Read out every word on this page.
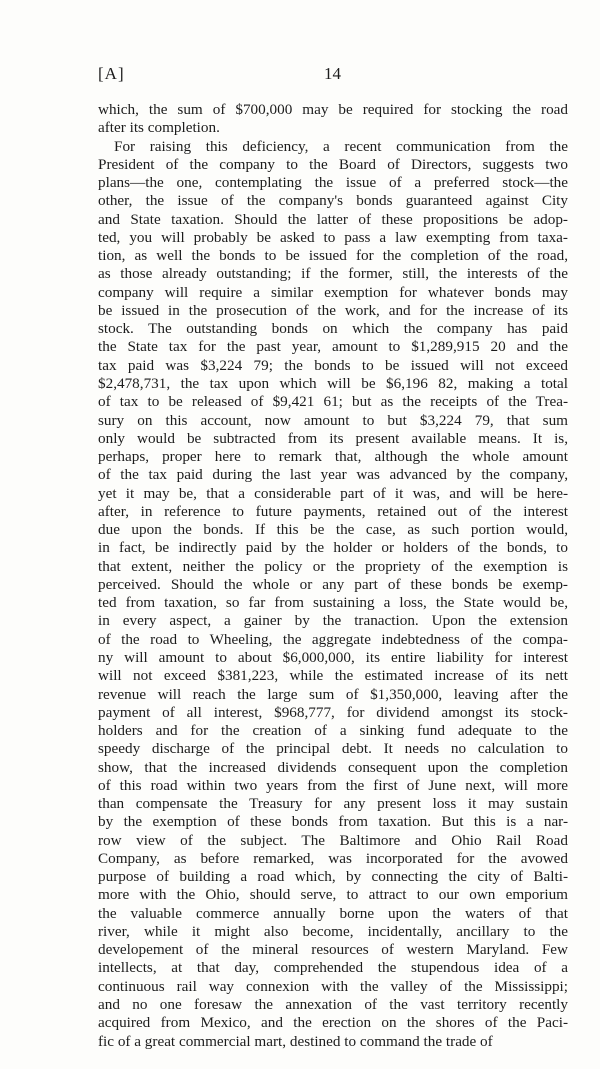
[A]	14
which, the sum of $700,000 may be required for stocking the road
after its completion.
For raising this deficiency, a recent communication from the
President of the company to the Board of Directors, suggests two
plans—the one, contemplating the issue of a preferred stock—the
other, the issue of the company's bonds guaranteed against City
and State taxation. Should the latter of these propositions be adop-
ted, you will probably be asked to pass a law exempting from taxa-
tion, as well the bonds to be issued for the completion of the road,
as those already outstanding; if the former, still, the interests of the
company will require a similar exemption for whatever bonds may
be issued in the prosecution of the work, and for the increase of its
stock. The outstanding bonds on which the company has paid
the State tax for the past year, amount to $1,289,915 20 and the
tax paid was $3,224 79; the bonds to be issued will not exceed
$2,478,731, the tax upon which will be $6,196 82, making a total
of tax to be released of $9,421 61; but as the receipts of the Trea-
sury on this account, now amount to but $3,224 79, that sum
only would be subtracted from its present available means. It is,
perhaps, proper here to remark that, although the whole amount
of the tax paid during the last year was advanced by the company,
yet it may be, that a considerable part of it was, and will be here-
after, in reference to future payments, retained out of the interest
due upon the bonds. If this be the case, as such portion would,
in fact, be indirectly paid by the holder or holders of the bonds, to
that extent, neither the policy or the propriety of the exemption is
perceived. Should the whole or any part of these bonds be exemp-
ted from taxation, so far from sustaining a loss, the State would be,
in every aspect, a gainer by the tranaction. Upon the extension
of the road to Wheeling, the aggregate indebtedness of the compa-
ny will amount to about $6,000,000, its entire liability for interest
will not exceed $381,223, while the estimated increase of its nett
revenue will reach the large sum of $1,350,000, leaving after the
payment of all interest, $968,777, for dividend amongst its stock-
holders and for the creation of a sinking fund adequate to the
speedy discharge of the principal debt. It needs no calculation to
show, that the increased dividends consequent upon the completion
of this road within two years from the first of June next, will more
than compensate the Treasury for any present loss it may sustain
by the exemption of these bonds from taxation. But this is a nar-
row view of the subject. The Baltimore and Ohio Rail Road
Company, as before remarked, was incorporated for the avowed
purpose of building a road which, by connecting the city of Balti-
more with the Ohio, should serve, to attract to our own emporium
the valuable commerce annually borne upon the waters of that
river, while it might also become, incidentally, ancillary to the
developement of the mineral resources of western Maryland. Few
intellects, at that day, comprehended the stupendous idea of a
continuous rail way connexion with the valley of the Mississippi;
and no one foresaw the annexation of the vast territory recently
acquired from Mexico, and the erection on the shores of the Paci-
fic of a great commercial mart, destined to command the trade of
